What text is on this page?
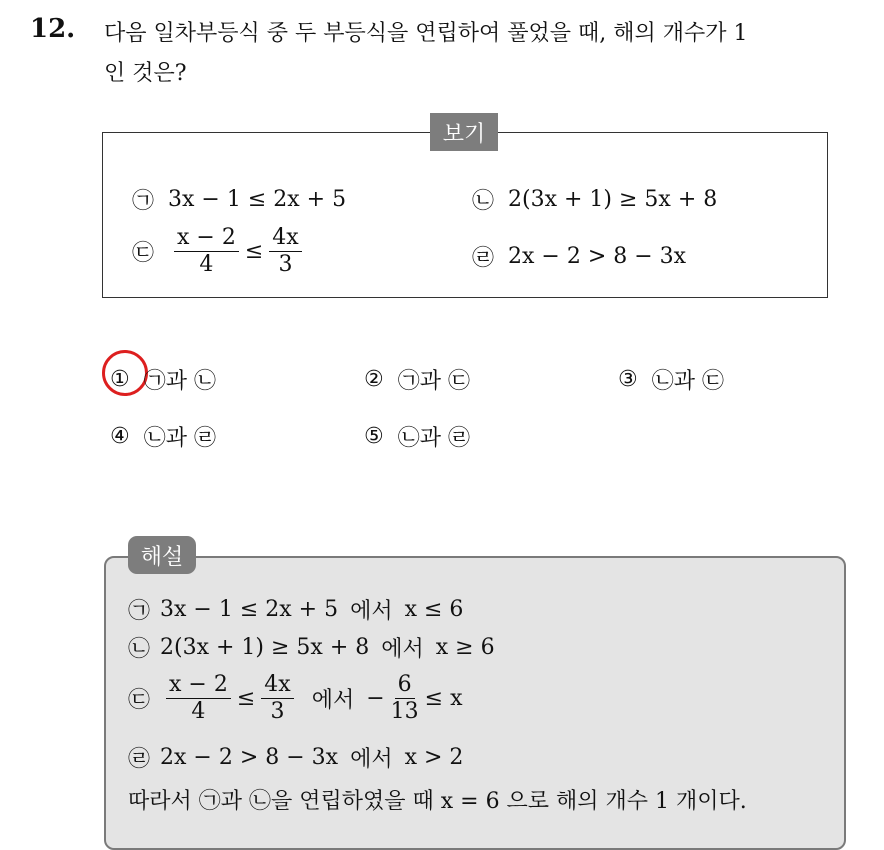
12. 다음 일차부등식 중 두 부등식을 연립하여 풀었을 때, 해의 개수가 1
인 것은?
보기
㉠ 3x − 1 ≤ 2x + 5	㉡ 2(3x + 1) ≥ 5x + 8
㉢ $\frac{x - 2}{4} \le \frac{4x}{3}$	㉣ 2x − 2 > 8 − 3x
① ㉠과 ㉡	② ㉠과 ㉢	③ ㉡과 ㉢
④ ㉡과 ㉣	⑤ ㉡과 ㉣
해설
㉠ 3x − 1 ≤ 2x + 5 에서 x ≤ 6
㉡ 2(3x + 1) ≥ 5x + 8 에서 x ≥ 6
㉢ $\frac{x - 2}{4} \le \frac{4x}{3}$ 에서 − $\frac{6}{13} \le x$
㉣ 2x − 2 > 8 − 3x 에서 x > 2
따라서 ㉠과 ㉡을 연립하였을 때 x = 6 으로 해의 개수 1 개이다.
